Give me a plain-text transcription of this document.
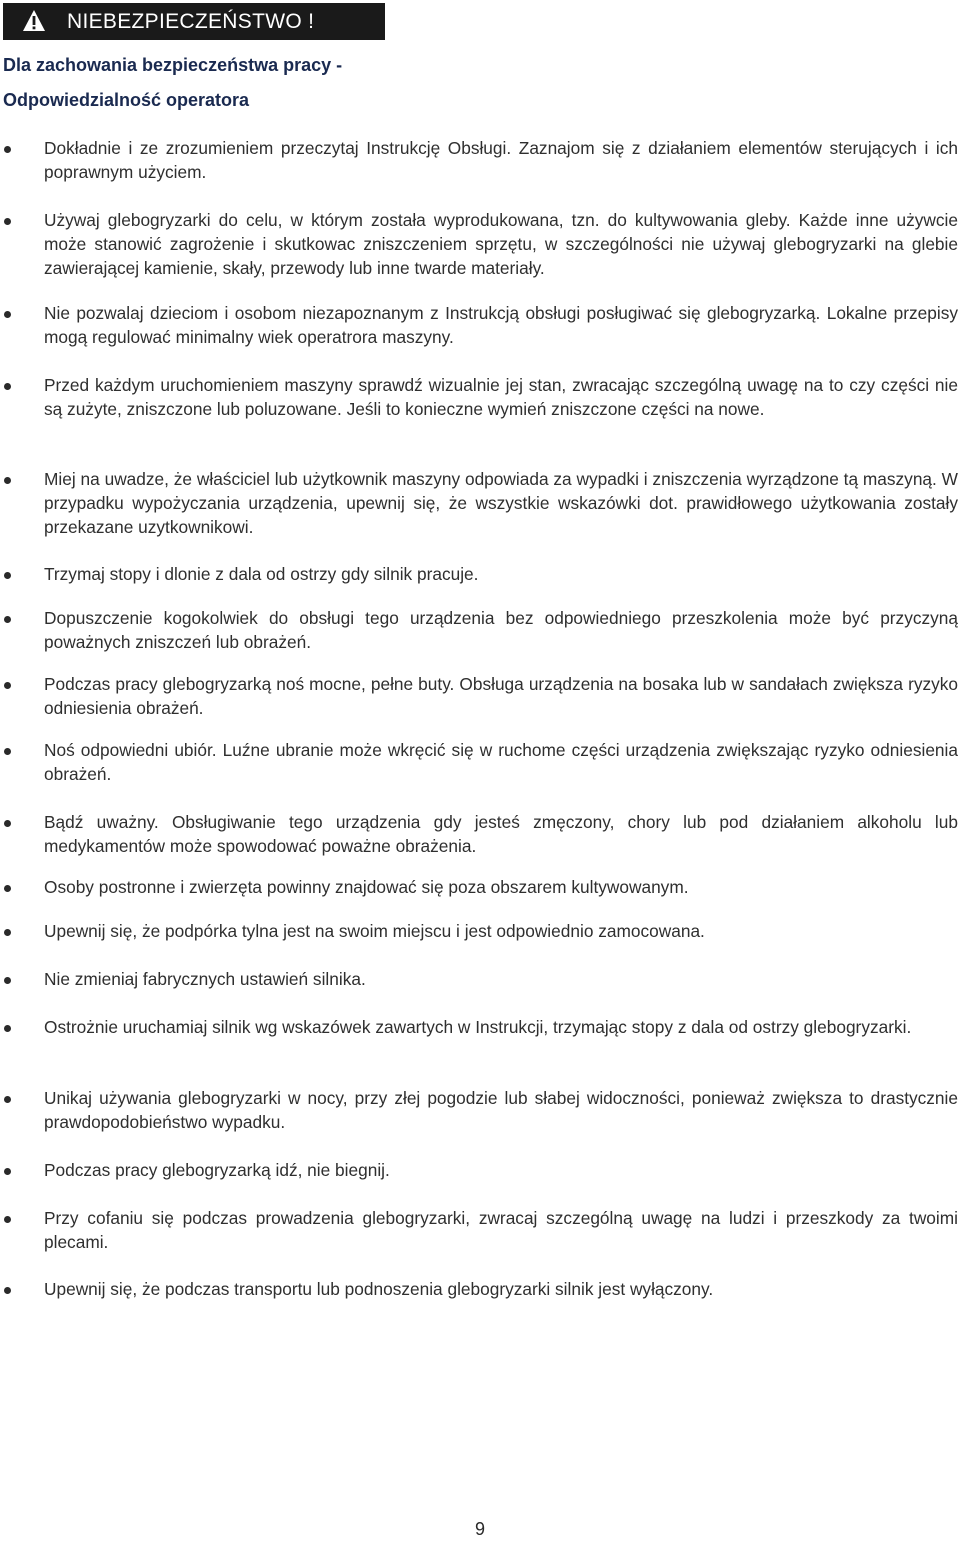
NIEBEZPIECZEŃSTWO !
Dla zachowania bezpieczeństwa pracy -
Odpowiedzialność operatora
Dokładnie i ze zrozumieniem przeczytaj Instrukcję Obsługi. Zaznajom się z działaniem elementów sterujących i ich poprawnym użyciem.
Używaj glebogryzarki do celu, w którym została wyprodukowana, tzn. do kultywowania gleby. Każde inne używcie może stanowić zagrożenie i skutkowac zniszczeniem sprzętu, w szczególności nie używaj glebogryzarki na glebie zawierającej kamienie, skały, przewody lub inne twarde materiały.
Nie pozwalaj dzieciom i osobom niezapoznanym z Instrukcją obsługi posługiwać się glebogryzarką. Lokalne przepisy mogą regulować minimalny wiek operatrora maszyny.
Przed każdym uruchomieniem maszyny sprawdź wizualnie jej stan, zwracając szczególną uwagę na to czy części nie są zużyte, zniszczone lub poluzowane. Jeśli to konieczne wymień zniszczone części na nowe.
Miej na uwadze, że właściciel lub użytkownik maszyny odpowiada za wypadki i zniszczenia wyrządzone tą maszyną. W przypadku wypożyczania urządzenia, upewnij się, że wszystkie wskazówki dot. prawidłowego użytkowania zostały przekazane uzytkownikowi.
Trzymaj stopy i dlonie z dala od ostrzy gdy silnik pracuje.
Dopuszczenie kogokolwiek do obsługi tego urządzenia bez odpowiedniego przeszkolenia może być przyczyną poważnych zniszczeń lub obrażeń.
Podczas pracy glebogryzarką noś mocne, pełne buty. Obsługa urządzenia na bosaka lub w sandałach zwiększa ryzyko odniesienia obrażeń.
Noś odpowiedni ubiór. Luźne ubranie może wkręcić się w ruchome części urządzenia zwiększając ryzyko odniesienia obrażeń.
Bądź uważny. Obsługiwanie tego urządzenia gdy jesteś zmęczony, chory lub pod działaniem alkoholu lub medykamentów może spowodować poważne obrażenia.
Osoby postronne i zwierzęta powinny znajdować się poza obszarem kultywowanym.
Upewnij się, że podpórka tylna jest na swoim miejscu i jest odpowiednio zamocowana.
Nie zmieniaj fabrycznych ustawień silnika.
Ostrożnie uruchamiaj silnik wg wskazówek zawartych w Instrukcji, trzymając stopy z dala od ostrzy glebogryzarki.
Unikaj używania glebogryzarki w nocy, przy złej pogodzie lub słabej widoczności, ponieważ zwiększa to drastycznie prawdopodobieństwo wypadku.
Podczas pracy glebogryzarką idź, nie biegnij.
Przy cofaniu się podczas prowadzenia glebogryzarki, zwracaj szczególną uwagę na ludzi i przeszkody za twoimi plecami.
Upewnij się, że podczas transportu lub podnoszenia glebogryzarki silnik jest wyłączony.
9
